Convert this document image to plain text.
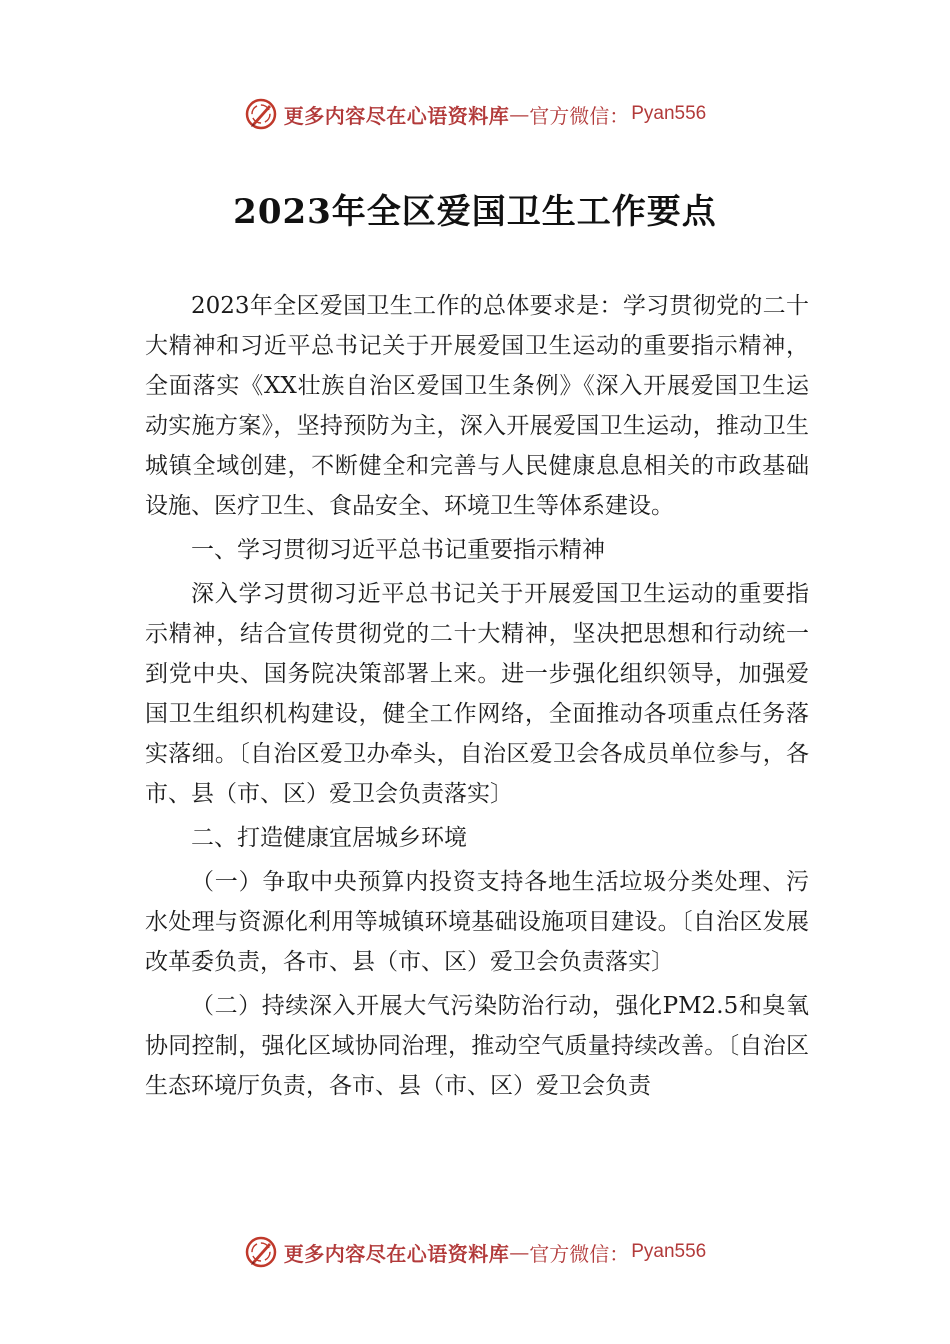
更多内容尽在心语资料库 — 官方微信： Pyan556
2023年全区爱国卫生工作要点

2023年全区爱国卫生工作的总体要求是：学习贯彻党的二十大精神和习近平总书记关于开展爱国卫生运动的重要指示精神，全面落实《XX壮族自治区爱国卫生条例》《深入开展爱国卫生运动实施方案》，坚持预防为主，深入开展爱国卫生运动，推动卫生城镇全域创建，不断健全和完善与人民健康息息相关的市政基础设施、医疗卫生、食品安全、环境卫生等体系建设。

一、学习贯彻习近平总书记重要指示精神

深入学习贯彻习近平总书记关于开展爱国卫生运动的重要指示精神，结合宣传贯彻党的二十大精神，坚决把思想和行动统一到党中央、国务院决策部署上来。进一步强化组织领导，加强爱国卫生组织机构建设，健全工作网络，全面推动各项重点任务落实落细。〔自治区爱卫办牵头，自治区爱卫会各成员单位参与，各市、县（市、区）爱卫会负责落实〕

二、打造健康宜居城乡环境

（一）争取中央预算内投资支持各地生活垃圾分类处理、污水处理与资源化利用等城镇环境基础设施项目建设。〔自治区发展改革委负责，各市、县（市、区）爱卫会负责落实〕

（二）持续深入开展大气污染防治行动，强化PM2.5和臭氧协同控制，强化区域协同治理，推动空气质量持续改善。〔自治区生态环境厅负责，各市、县（市、区）爱卫会负责

更多内容尽在心语资料库 — 官方微信： Pyan556
